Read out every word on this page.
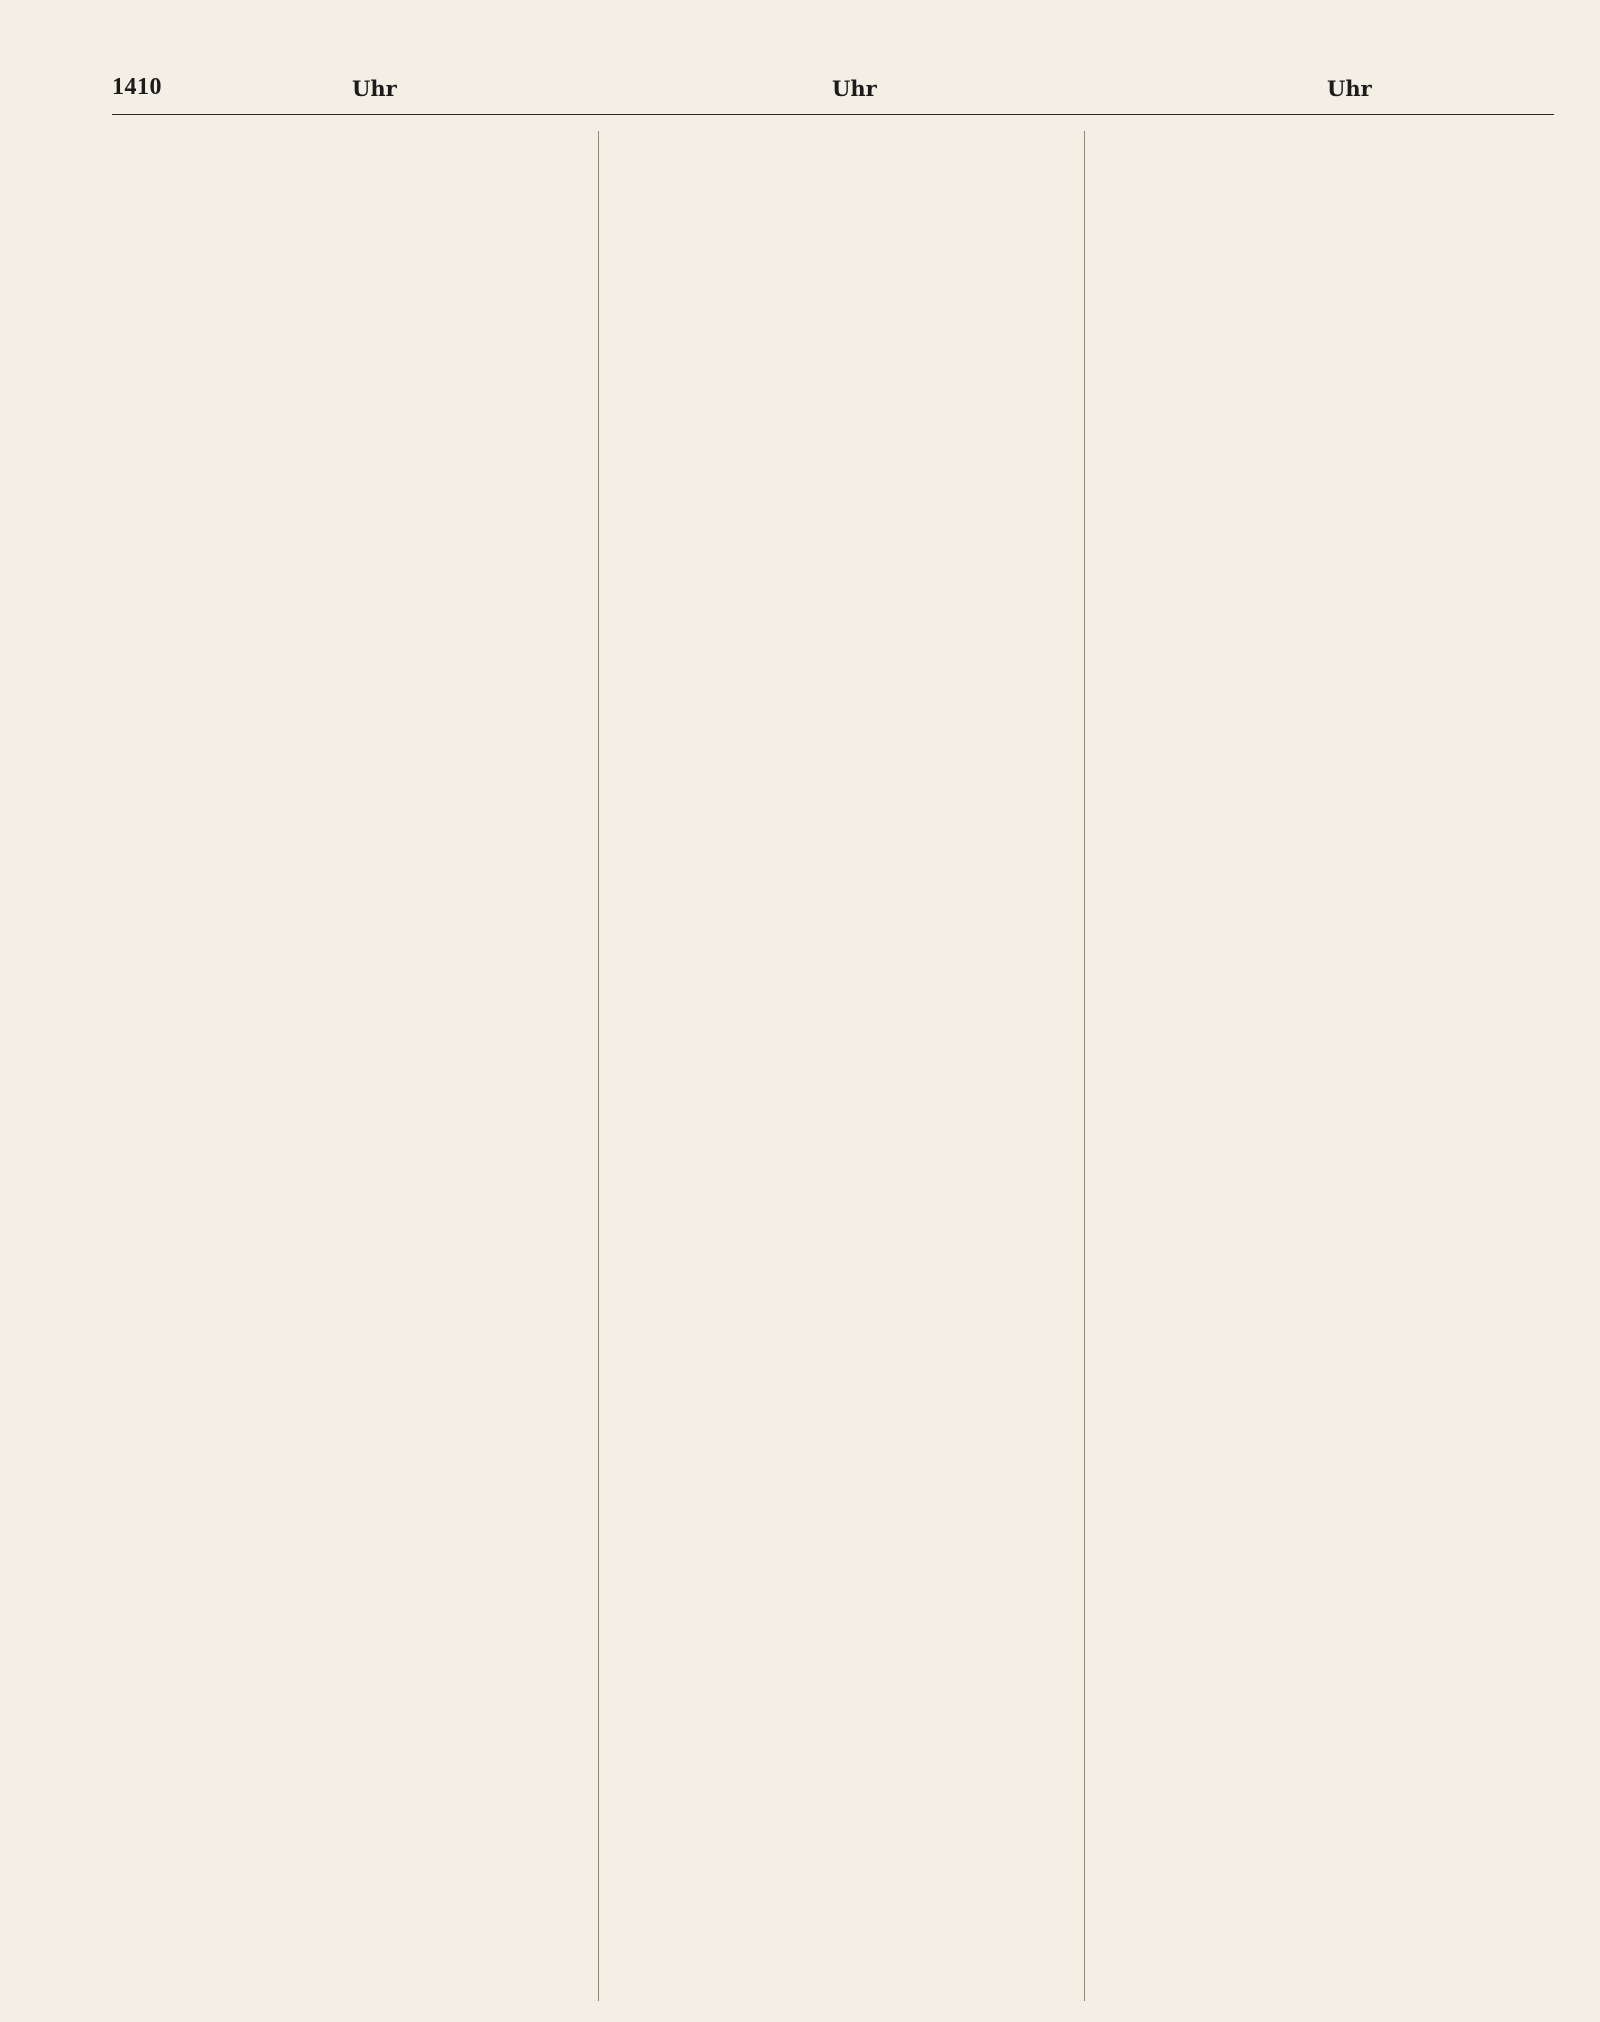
1410	Uhr	Uhr	Uhr
